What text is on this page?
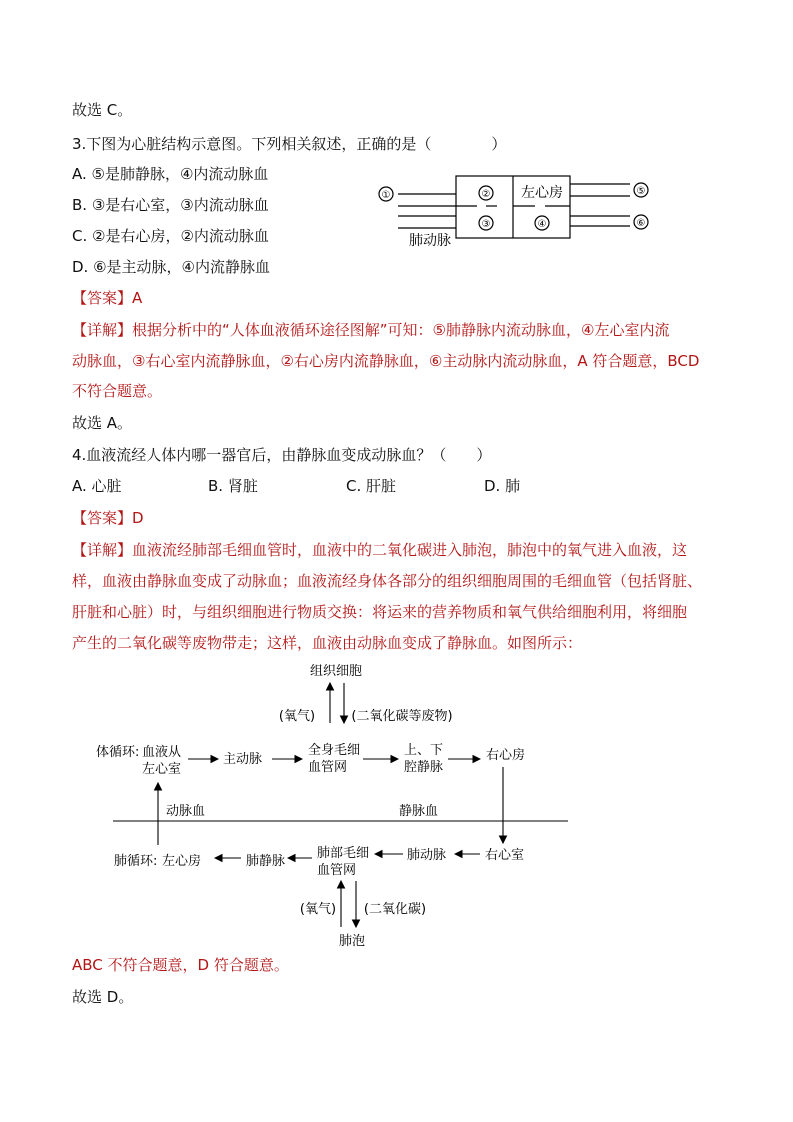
故选 C。
3.下图为心脏结构示意图。下列相关叙述，正确的是（　　　　）
A. ⑤是肺静脉，④内流动脉血
B. ③是右心室，③内流动脉血
C. ②是右心房，②内流动脉血
D. ⑥是主动脉，④内流静脉血
①	②
③	④
⑤
⑥
左心房
肺动脉
【答案】A
【详解】根据分析中的“人体血液循环途径图解”可知：⑤肺静脉内流动脉血，④左心室内流
动脉血，③右心室内流静脉血，②右心房内流静脉血，⑥主动脉内流动脉血，A 符合题意，BCD
不符合题意。
故选 A。
4.血液流经人体内哪一器官后，由静脉血变成动脉血？（　　）
A. 心脏	B. 肾脏	C. 肝脏	D. 肺
【答案】D
【详解】血液流经肺部毛细血管时，血液中的二氧化碳进入肺泡，肺泡中的氧气进入血液，这
样，血液由静脉血变成了动脉血；血液流经身体各部分的组织细胞周围的毛细血管（包括肾脏、
肝脏和心脏）时，与组织细胞进行物质交换：将运来的营养物质和氧气供给细胞利用，将细胞
产生的二氧化碳等废物带走；这样，血液由动脉血变成了静脉血。如图所示：
组织细胞
(氧气)	(二氧化碳等废物)
体循环: 血液从
左心室
主动脉
全身毛细
血管网
上、下
腔静脉
右心房
动脉血	静脉血
肺循环: 左心房	肺静脉
肺部毛细
血管网
肺动脉	右心室
(氧气) (二氧化碳)
肺泡
ABC 不符合题意，D 符合题意。
故选 D。
